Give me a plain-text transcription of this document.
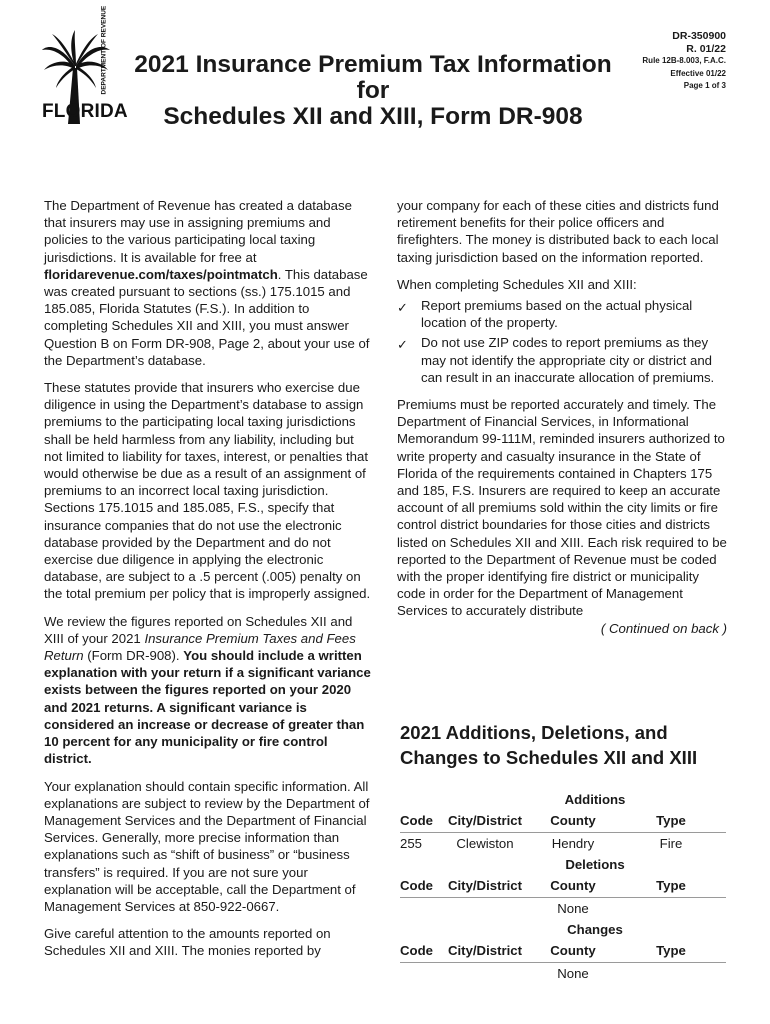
DEPARTMENT OF REVENUE
FLORIDA
2021 Insurance Premium Tax Information
for
Schedules XII and XIII, Form DR-908
DR-350900
R. 01/22
Rule 12B-8.003, F.A.C.
Effective 01/22
Page 1 of 3

The Department of Revenue has created a database that insurers may use in assigning premiums and policies to the various participating local taxing jurisdictions. It is available for free at floridarevenue.com/taxes/pointmatch. This database was created pursuant to sections (ss.) 175.1015 and 185.085, Florida Statutes (F.S.). In addition to completing Schedules XII and XIII, you must answer Question B on Form DR-908, Page 2, about your use of the Department’s database.

These statutes provide that insurers who exercise due diligence in using the Department’s database to assign premiums to the participating local taxing jurisdictions shall be held harmless from any liability, including but not limited to liability for taxes, interest, or penalties that would otherwise be due as a result of an assignment of premiums to an incorrect local taxing jurisdiction. Sections 175.1015 and 185.085, F.S., specify that insurance companies that do not use the electronic database provided by the Department and do not exercise due diligence in applying the electronic database, are subject to a .5 percent (.005) penalty on the total premium per policy that is improperly assigned.

We review the figures reported on Schedules XII and XIII of your 2021 Insurance Premium Taxes and Fees Return (Form DR-908). You should include a written explanation with your return if a significant variance exists between the figures reported on your 2020 and 2021 returns. A significant variance is considered an increase or decrease of greater than 10 percent for any municipality or fire control district.

Your explanation should contain specific information. All explanations are subject to review by the Department of Management Services and the Department of Financial Services. Generally, more precise information than explanations such as “shift of business” or “business transfers” is required. If you are not sure your explanation will be acceptable, call the Department of Management Services at 850-922-0667.

Give careful attention to the amounts reported on Schedules XII and XIII. The monies reported by

your company for each of these cities and districts fund retirement benefits for their police officers and firefighters. The money is distributed back to each local taxing jurisdiction based on the information reported.

When completing Schedules XII and XIII:

✓ Report premiums based on the actual physical location of the property.
✓ Do not use ZIP codes to report premiums as they may not identify the appropriate city or district and can result in an inaccurate allocation of premiums.

Premiums must be reported accurately and timely. The Department of Financial Services, in Informational Memorandum 99-111M, reminded insurers authorized to write property and casualty insurance in the State of Florida of the requirements contained in Chapters 175 and 185, F.S. Insurers are required to keep an accurate account of all premiums sold within the city limits or fire control district boundaries for those cities and districts listed on Schedules XII and XIII. Each risk required to be reported to the Department of Revenue must be coded with the proper identifying fire district or municipality code in order for the Department of Management Services to accurately distribute

( Continued on back )

2021 Additions, Deletions, and Changes to Schedules XII and XIII
Additions
Code	City/District	County	Type
255	Clewiston	Hendry	Fire
Deletions
Code	City/District	County	Type
None
Changes
Code	City/District	County	Type
None
